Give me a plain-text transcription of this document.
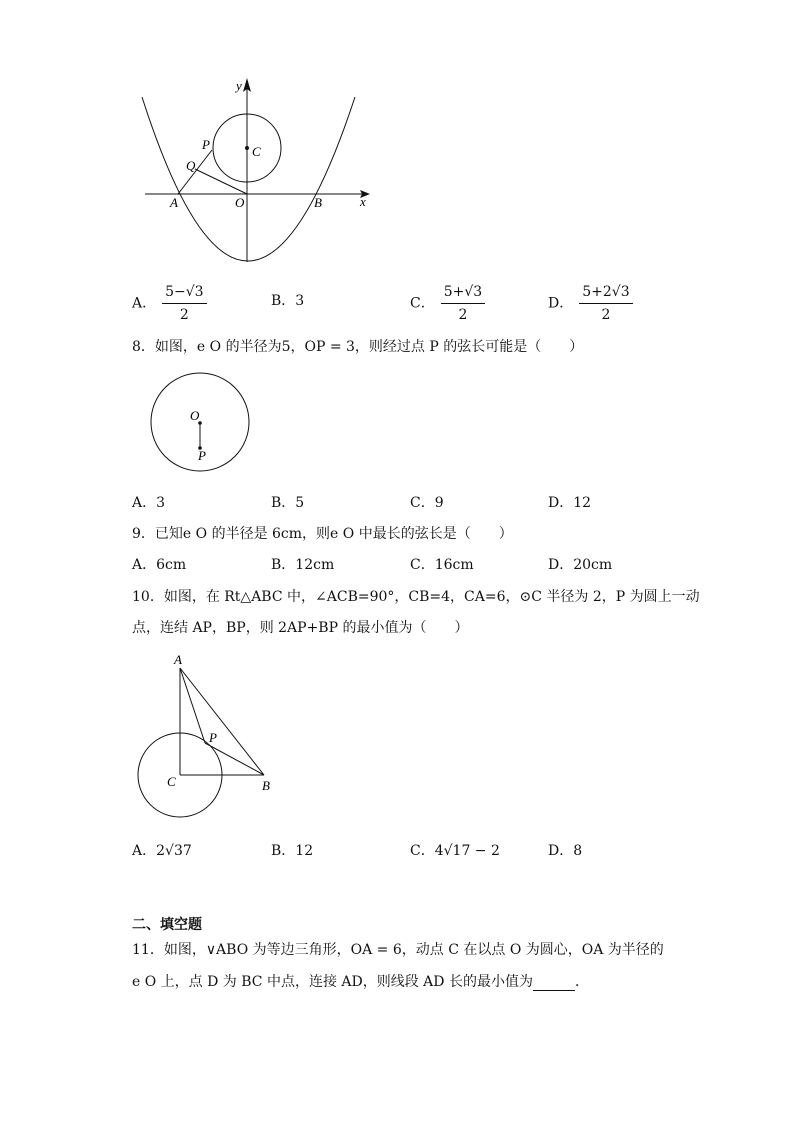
y
x
P
Q
C
A	O	B
A． $\frac{5-√3}{2}$	B．3	C． $\frac{5+√3}{2}$	D． $\frac{5+2√3}{2}$
8．如图，e O 的半径为5，OP = 3，则经过点 P 的弦长可能是（　　）
O
P
A．3	B．5	C．9	D．12
9．已知e O 的半径是 6cm，则e O 中最长的弦长是（　　）
A．6cm	B．12cm	C．16cm	D．20cm
10．如图，在 Rt△ABC 中，∠ACB=90°，CB=4，CA=6，⊙C 半径为 2，P 为圆上一动
点，连结 AP，BP，则 2AP+BP 的最小值为（　　）
A
P
C	B
A．2√37	B．12	C．4√17 − 2	D．8
二、填空题
11．如图，∨ABO 为等边三角形，OA = 6，动点 C 在以点 O 为圆心，OA 为半径的
e O 上，点 D 为 BC 中点，连接 AD，则线段 AD 长的最小值为	．
